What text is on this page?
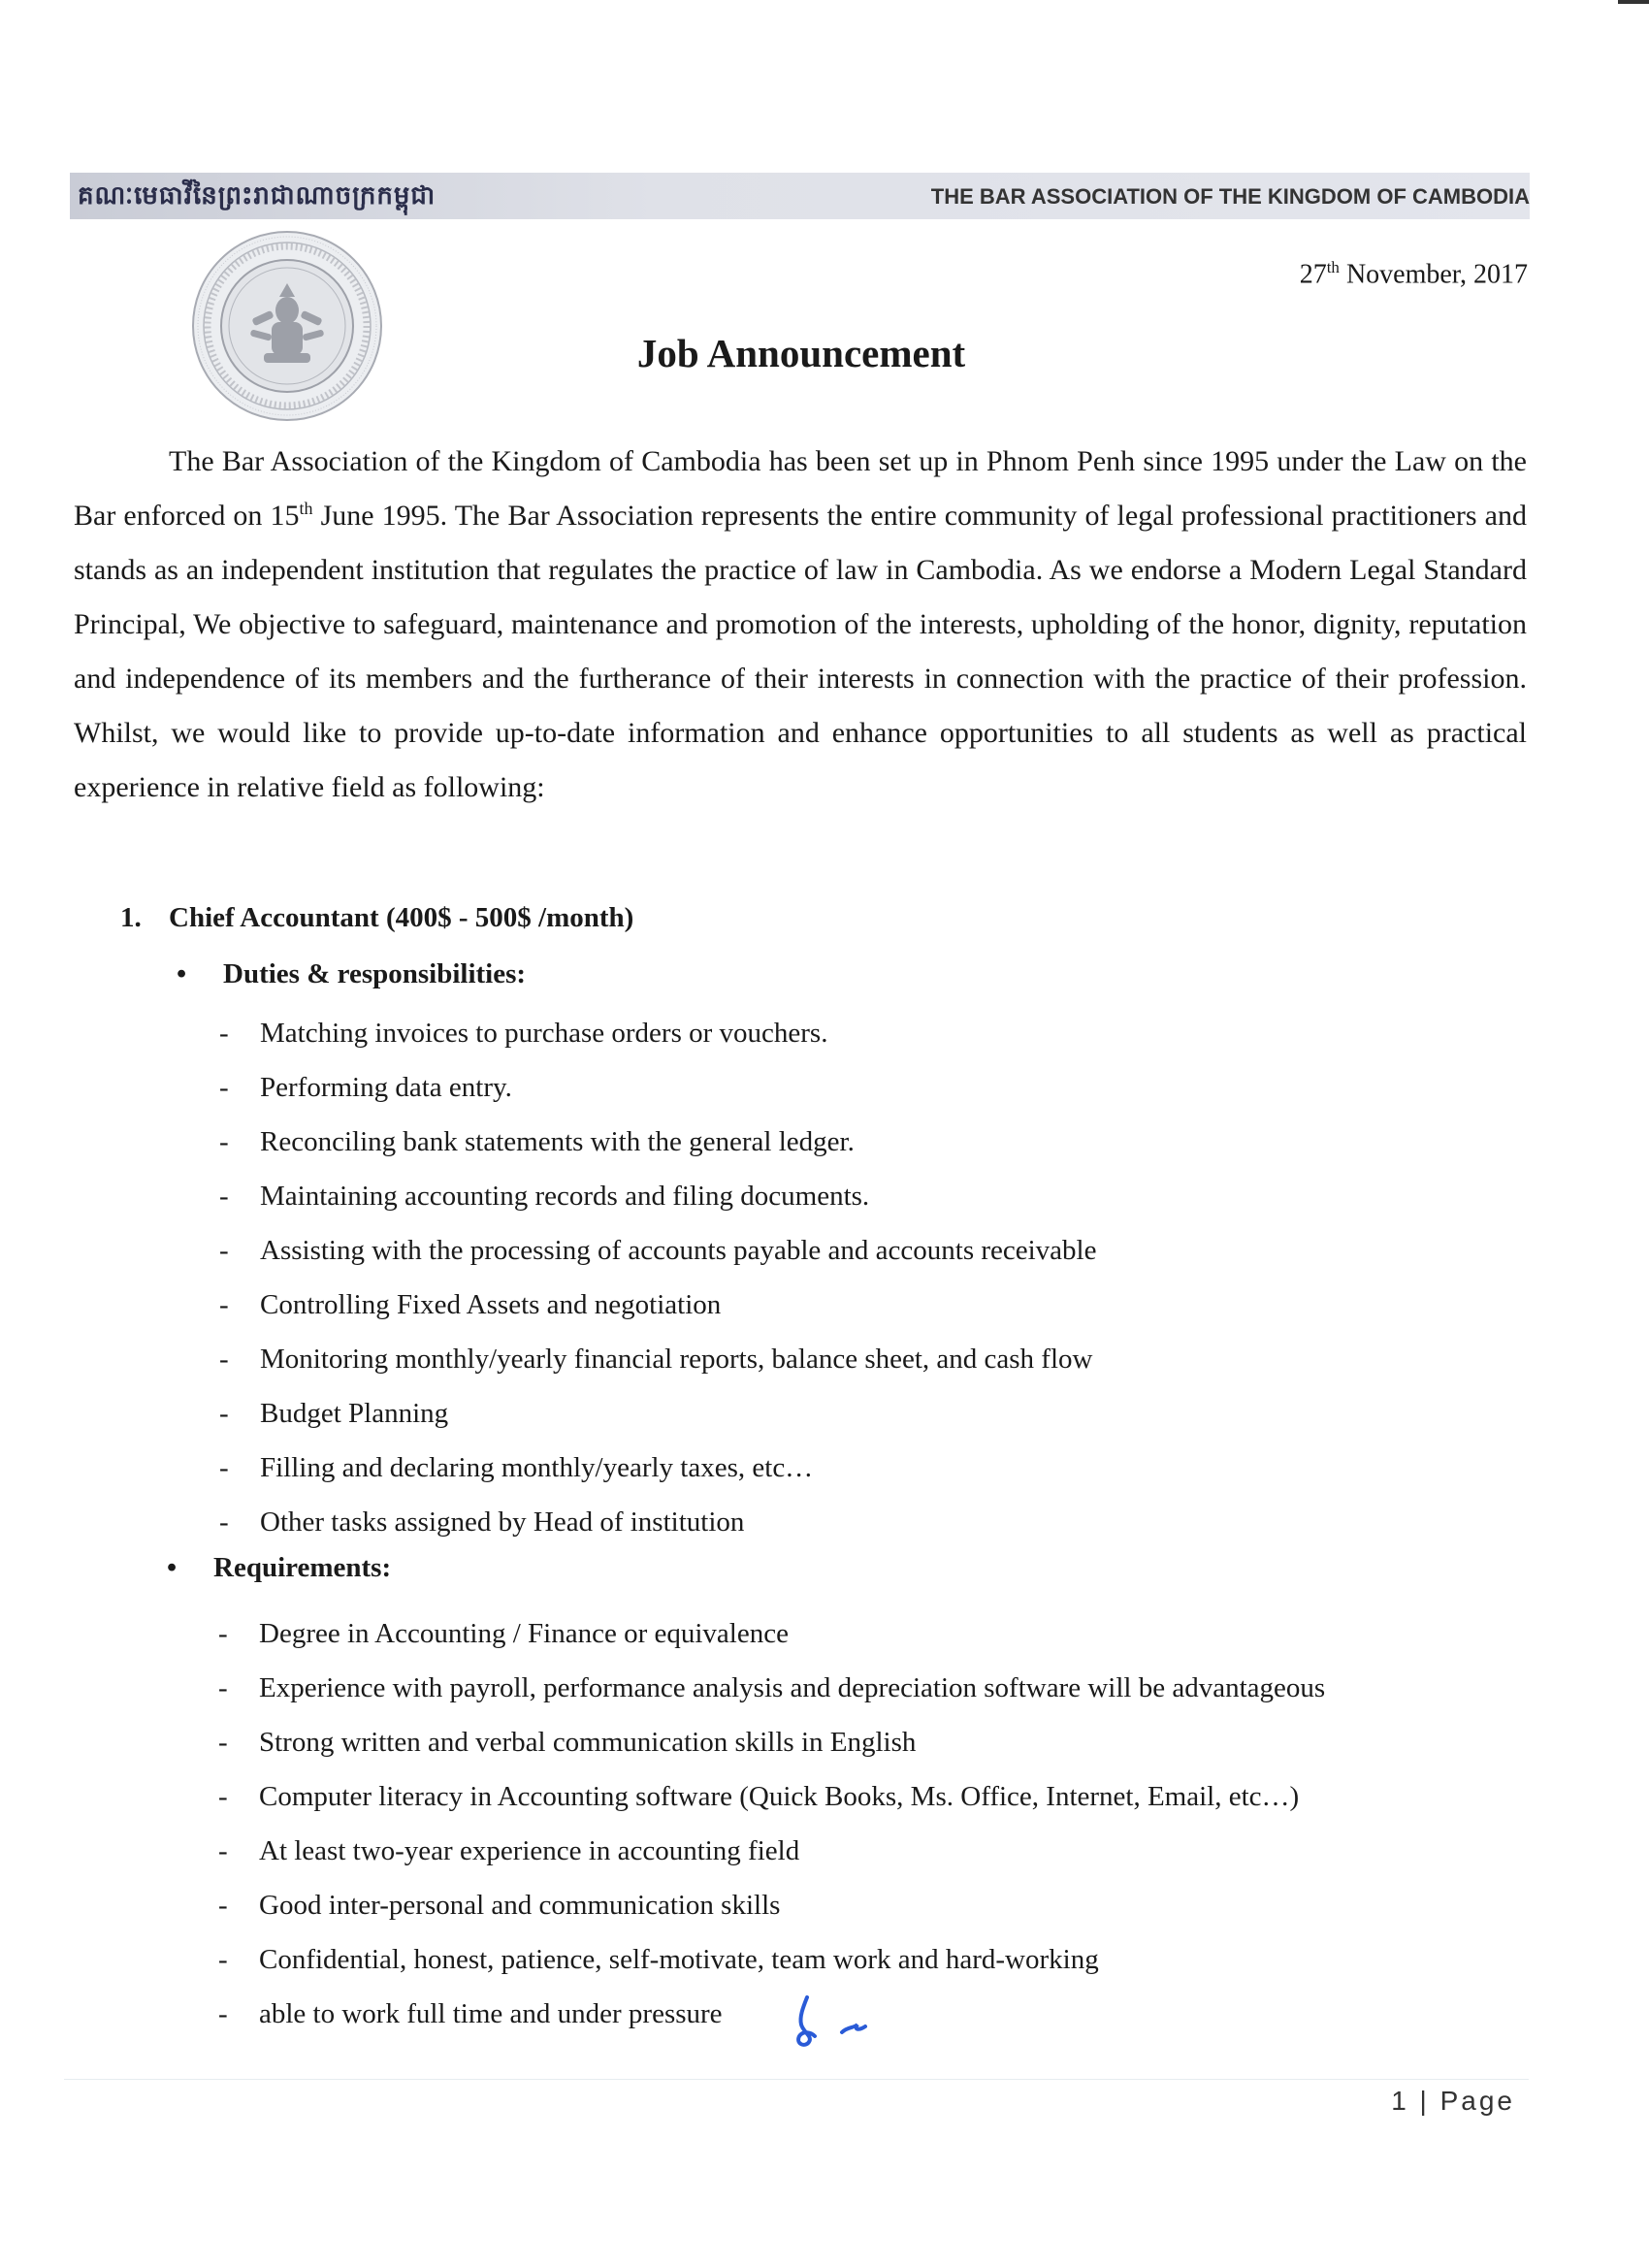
គណៈមេធាវីនៃព្រះរាជាណាចក្រកម្ពុជា	THE BAR ASSOCIATION OF THE KINGDOM OF CAMBODIA
27th November, 2017
Job Announcement

The Bar Association of the Kingdom of Cambodia has been set up in Phnom Penh since 1995 under the Law on the Bar enforced on 15th June 1995. The Bar Association represents the entire community of legal professional practitioners and stands as an independent institution that regulates the practice of law in Cambodia. As we endorse a Modern Legal Standard Principal, We objective to safeguard, maintenance and promotion of the interests, upholding of the honor, dignity, reputation and independence of its members and the furtherance of their interests in connection with the practice of their profession. Whilst, we would like to provide up-to-date information and enhance opportunities to all students as well as practical experience in relative field as following:

1. Chief Accountant (400$ - 500$ /month)
• Duties & responsibilities:
- Matching invoices to purchase orders or vouchers.
- Performing data entry.
- Reconciling bank statements with the general ledger.
- Maintaining accounting records and filing documents.
- Assisting with the processing of accounts payable and accounts receivable
- Controlling Fixed Assets and negotiation
- Monitoring monthly/yearly financial reports, balance sheet, and cash flow
- Budget Planning
- Filling and declaring monthly/yearly taxes, etc…
- Other tasks assigned by Head of institution
• Requirements:
- Degree in Accounting / Finance or equivalence
- Experience with payroll, performance analysis and depreciation software will be advantageous
- Strong written and verbal communication skills in English
- Computer literacy in Accounting software (Quick Books, Ms. Office, Internet, Email, etc…)
- At least two-year experience in accounting field
- Good inter-personal and communication skills
- Confidential, honest, patience, self-motivate, team work and hard-working
- able to work full time and under pressure
1 | Page
